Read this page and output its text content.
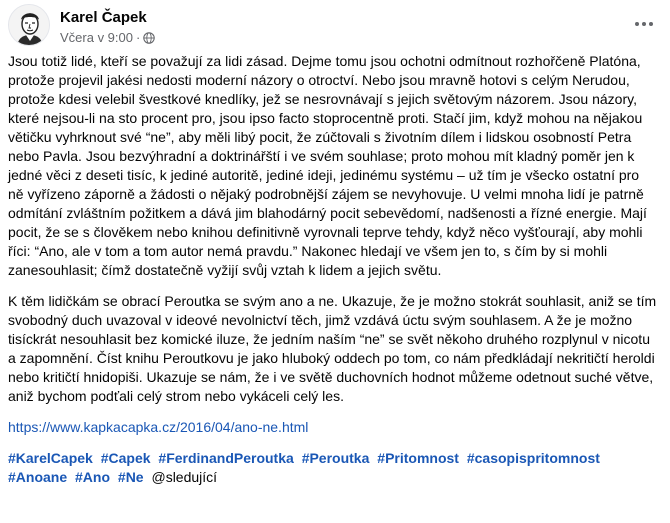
Karel Čapek
Včera v 9:00 ·

Jsou totiž lidé, kteří se považují za lidi zásad. Dejme tomu jsou ochotni odmítnout rozhořčeně Platóna, protože projevil jakési nedosti moderní názory o otroctví. Nebo jsou mravně hotovi s celým Nerudou, protože kdesi velebil švestkové knedlíky, jež se nesrovnávají s jejich světovým názorem. Jsou názory, které nejsou-li na sto procent pro, jsou ipso facto stoprocentně proti. Stačí jim, když mohou na nějakou větičku vyhrknout své “ne”, aby měli libý pocit, že zúčtovali s životním dílem i lidskou osobností Petra nebo Pavla. Jsou bezvýhradní a doktrinářští i ve svém souhlase; proto mohou mít kladný poměr jen k jedné věci z deseti tisíc, k jediné autoritě, jediné ideji, jedinému systému – už tím je všecko ostatní pro ně vyřízeno záporně a žádosti o nějaký podrobnější zájem se nevyhovuje. U velmi mnoha lidí je patrně odmítání zvláštním požitkem a dává jim blahodárný pocit sebevědomí, nadšenosti a řízné energie. Mají pocit, že se s člověkem nebo knihou definitivně vyrovnali teprve tehdy, když něco vyšťourají, aby mohli říci: “Ano, ale v tom a tom autor nemá pravdu.” Nakonec hledají ve všem jen to, s čím by si mohli zanesouhlasit; čímž dostatečně vyžijí svůj vztah k lidem a jejich světu.

K těm lidičkám se obrací Peroutka se svým ano a ne. Ukazuje, že je možno stokrát souhlasit, aniž se tím svobodný duch uvazoval v ideové nevolnictví těch, jimž vzdává úctu svým souhlasem. A že je možno tisíckrát nesouhlasit bez komické iluze, že jedním naším “ne” se svět někoho druhého rozplynul v nicotu a zapomnění. Číst knihu Peroutkovu je jako hluboký oddech po tom, co nám předkládají nekritičtí heroldi nebo kritičtí hnidopiši. Ukazuje se nám, že i ve světě duchovních hodnot můžeme odetnout suché větve, aniž bychom podťali celý strom nebo vykáceli celý les.

https://www.kapkacapka.cz/2016/04/ano-ne.html

#KarelCapek #Capek #FerdinandPeroutka #Peroutka #Pritomnost #casopispritomnost #Anoane #Ano #Ne @sledující
